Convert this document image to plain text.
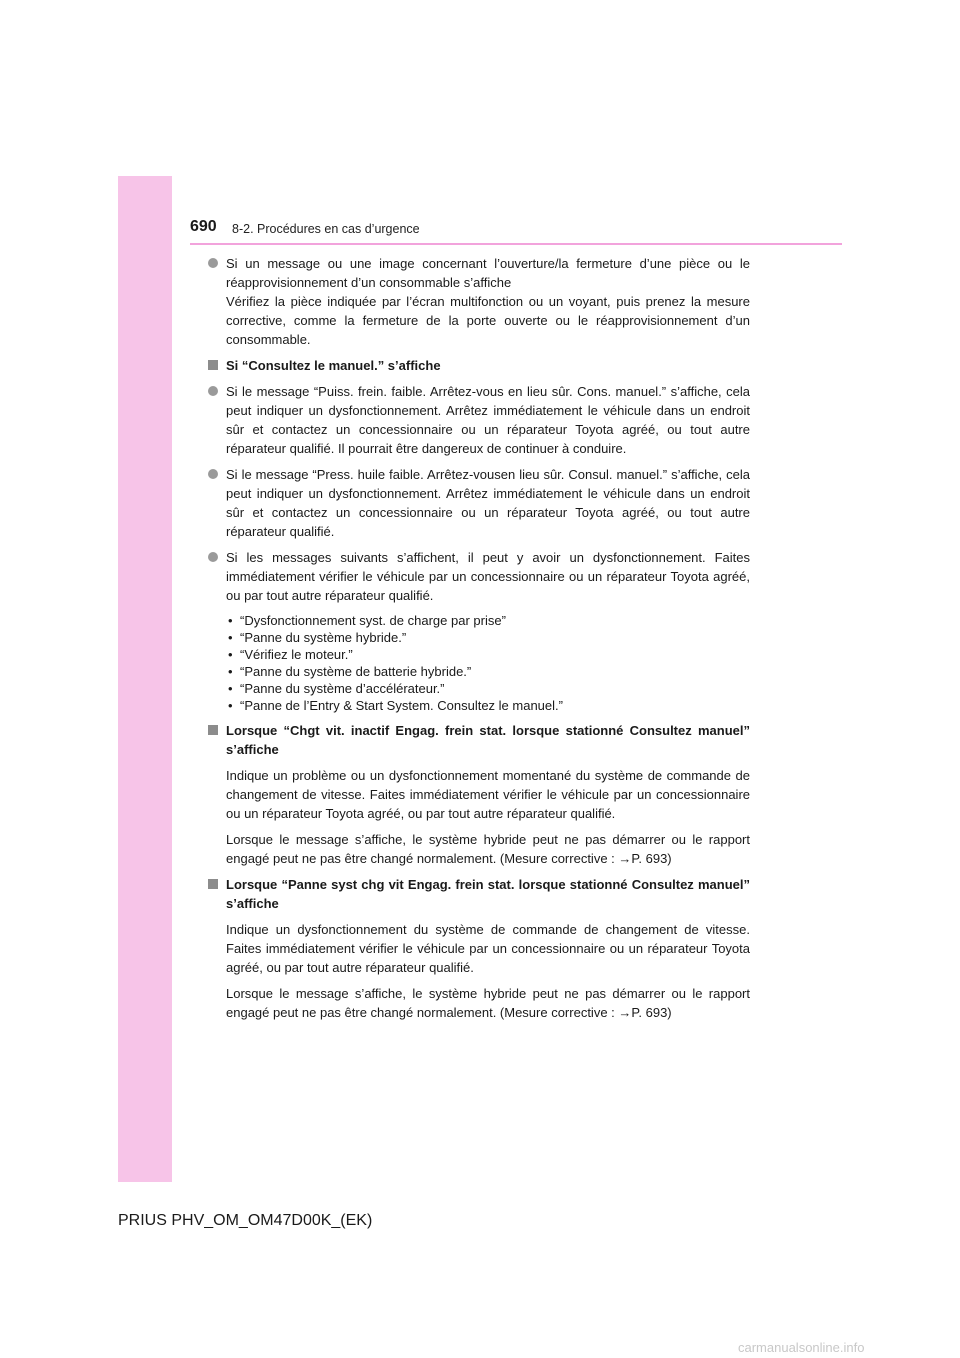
690 8-2. Procédures en cas d’urgence

Si un message ou une image concernant l’ouverture/la fermeture d’une pièce ou le réapprovisionnement d’un consommable s’affiche

Vérifiez la pièce indiquée par l’écran multifonction ou un voyant, puis prenez la mesure corrective, comme la fermeture de la porte ouverte ou le réapprovisionnement d’un consommable.

Si “Consultez le manuel.” s’affiche

Si le message “Puiss. frein. faible. Arrêtez-vous en lieu sûr. Cons. manuel.” s’affiche, cela peut indiquer un dysfonctionnement. Arrêtez immédiatement le véhicule dans un endroit sûr et contactez un concessionnaire ou un réparateur Toyota agréé, ou tout autre réparateur qualifié. Il pourrait être dangereux de continuer à conduire.

Si le message “Press. huile faible. Arrêtez-vousen lieu sûr. Consul. manuel.” s’affiche, cela peut indiquer un dysfonctionnement. Arrêtez immédiatement le véhicule dans un endroit sûr et contactez un concessionnaire ou un réparateur Toyota agréé, ou tout autre réparateur qualifié.

Si les messages suivants s’affichent, il peut y avoir un dysfonctionnement. Faites immédiatement vérifier le véhicule par un concessionnaire ou un réparateur Toyota agréé, ou par tout autre réparateur qualifié.

• “Dysfonctionnement syst. de charge par prise”
• “Panne du système hybride.”
• “Vérifiez le moteur.”
• “Panne du système de batterie hybride.”
• “Panne du système d’accélérateur.”
• “Panne de l’Entry & Start System. Consultez le manuel.”

Lorsque “Chgt vit. inactif Engag. frein stat. lorsque stationné Consultez manuel” s’affiche

Indique un problème ou un dysfonctionnement momentané du système de commande de changement de vitesse. Faites immédiatement vérifier le véhicule par un concessionnaire ou un réparateur Toyota agréé, ou par tout autre réparateur qualifié.

Lorsque le message s’affiche, le système hybride peut ne pas démarrer ou le rapport engagé peut ne pas être changé normalement. (Mesure corrective : →P. 693)

Lorsque “Panne syst chg vit Engag. frein stat. lorsque stationné Consultez manuel” s’affiche

Indique un dysfonctionnement du système de commande de changement de vitesse. Faites immédiatement vérifier le véhicule par un concessionnaire ou un réparateur Toyota agréé, ou par tout autre réparateur qualifié.

Lorsque le message s’affiche, le système hybride peut ne pas démarrer ou le rapport engagé peut ne pas être changé normalement. (Mesure corrective : →P. 693)

PRIUS PHV_OM_OM47D00K_(EK)
carmanualsonline.info
